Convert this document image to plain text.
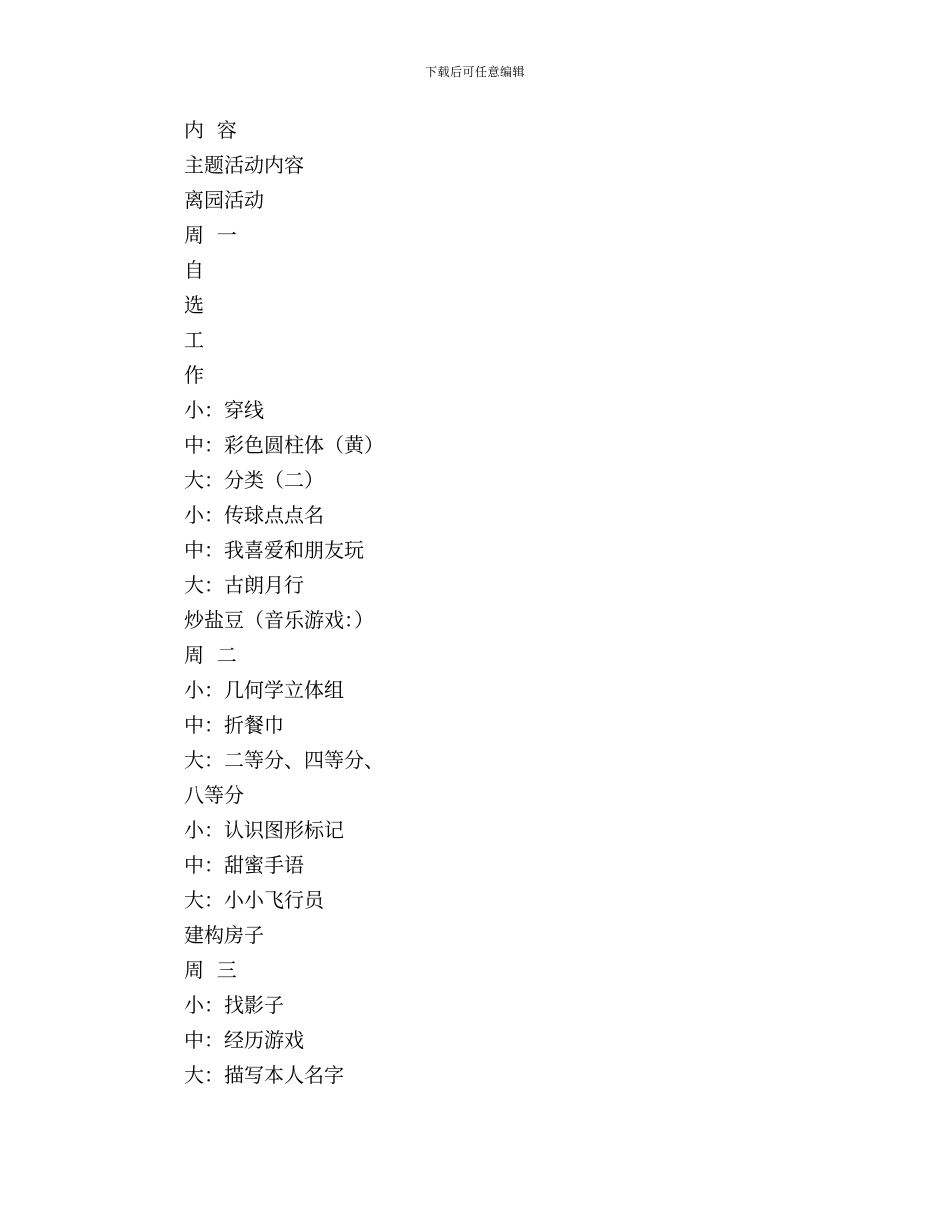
下载后可任意编辑
内  容
主题活动内容
离园活动
周  一
自
选
工
作
小：穿线
中：彩色圆柱体（黄）
大：分类（二）
小：传球点点名
中：我喜爱和朋友玩
大：古朗月行
炒盐豆（音乐游戏：）
周  二
小：几何学立体组
中：折餐巾
大：二等分、四等分、
八等分
小：认识图形标记
中：甜蜜手语
大：小小飞行员
建构房子
周  三
小：找影子
中：经历游戏
大：描写本人名字
